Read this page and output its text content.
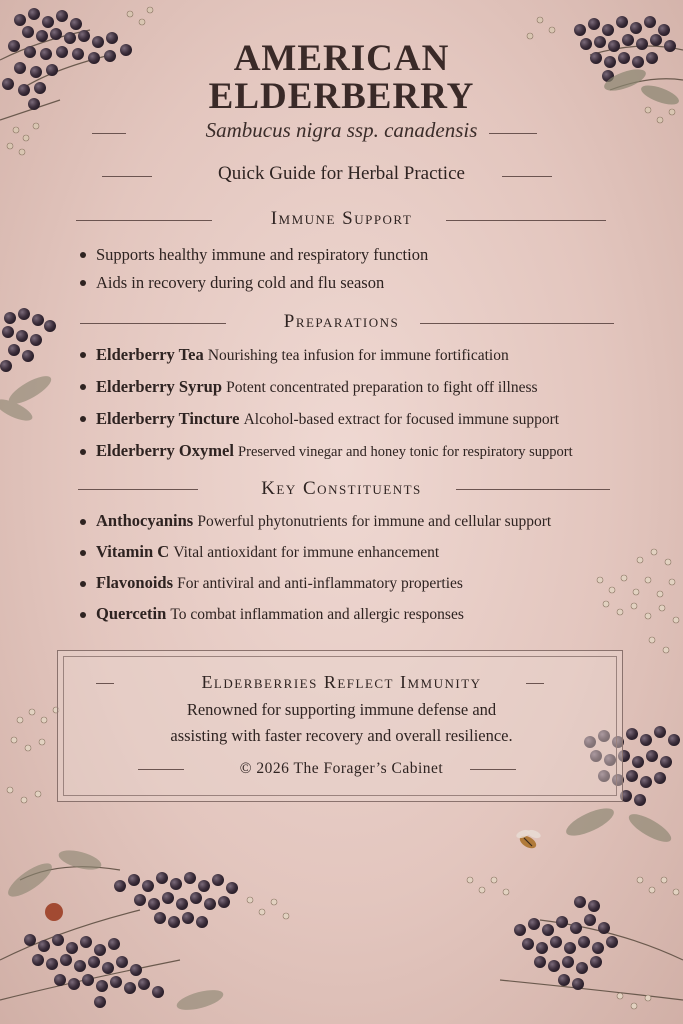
AMERICAN
ELDERBERRY
Sambucus nigra ssp. canadensis
Quick Guide for Herbal Practice
Immune Support
Supports healthy immune and respiratory function
Aids in recovery during cold and flu season
Preparations
Elderberry Tea Nourishing tea infusion for immune fortification
Elderberry Syrup Potent concentrated preparation to fight off illness
Elderberry Tincture Alcohol-based extract for focused immune support
Elderberry Oxymel Preserved vinegar and honey tonic for respiratory support
Key Constituents
Anthocyanins Powerful phytonutrients for immune and cellular support
Vitamin C Vital antioxidant for immune enhancement
Flavonoids For antiviral and anti-inflammatory properties
Quercetin To combat inflammation and allergic responses
Elderberries Reflect Immunity
Renowned for supporting immune defense and
assisting with faster recovery and overall resilience.
© 2026 The Forager’s Cabinet
